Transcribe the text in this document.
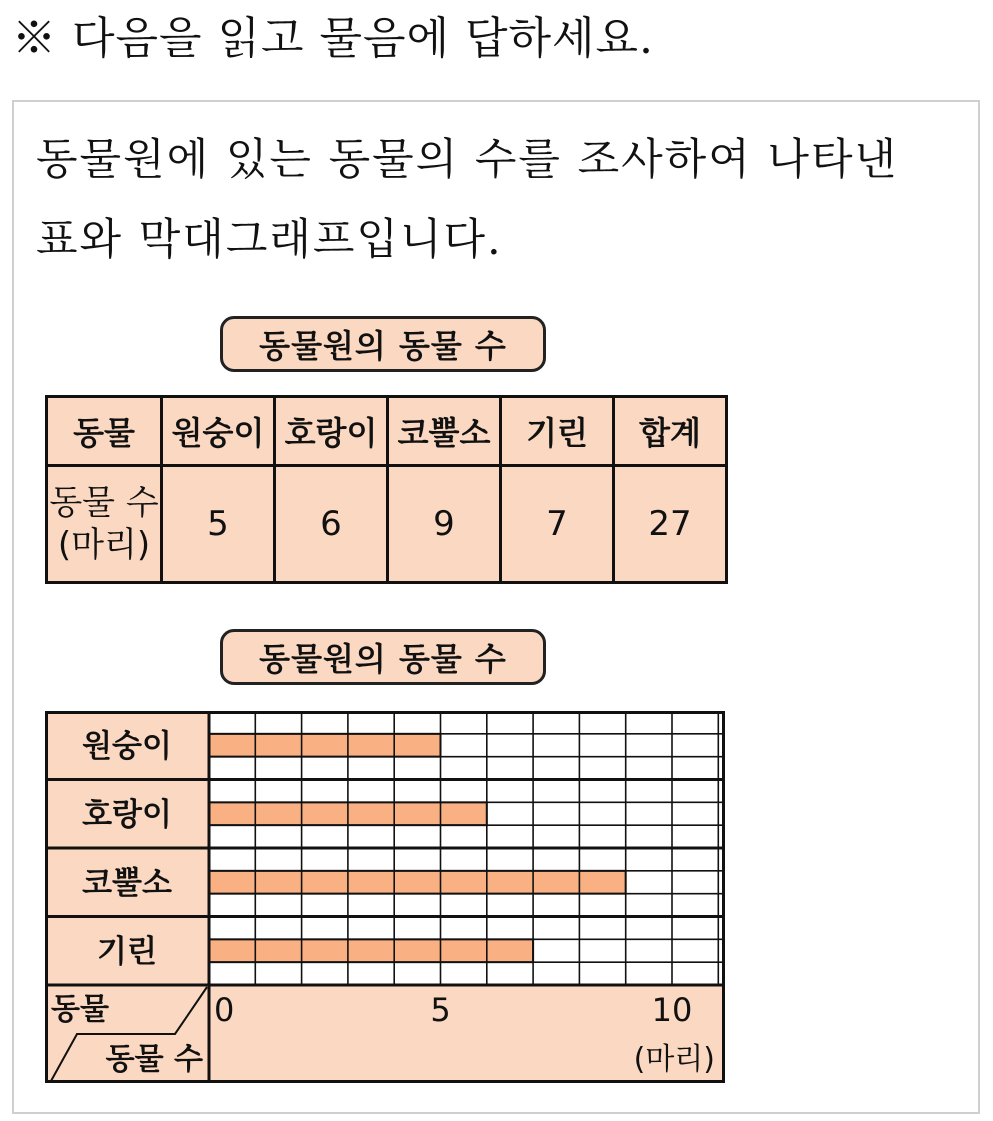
※ 다음을 읽고 물음에 답하세요.
동물원에 있는 동물의 수를 조사하여 나타낸
표와 막대그래프입니다.
동물원의 동물 수
동물	원숭이	호랑이	코뿔소	기린	합계

동물 수
(마리)	5	6	9	7	27
동물원의 동물 수
원숭이
호랑이
코뿔소
기린
동물
동물 수
0	5	10
(마리)
